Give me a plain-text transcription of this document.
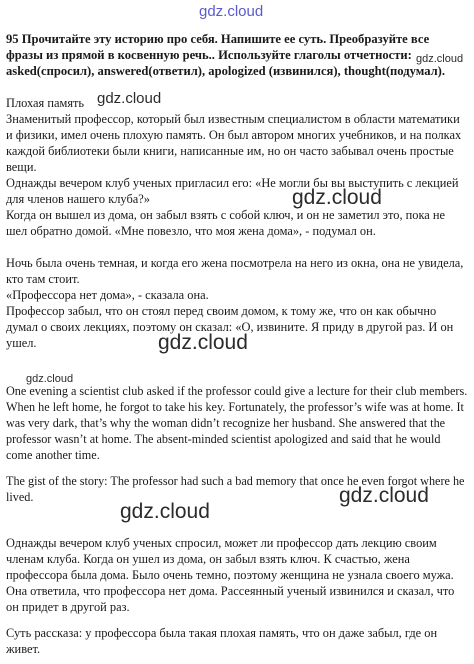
gdz.cloud
gdz.cloud
gdz.cloud
gdz.cloud
gdz.cloud
gdz.cloud
gdz.cloud
gdz.cloud

95 Прочитайте эту историю про себя. Напишите ее суть. Преобразуйте все фразы из прямой в косвенную речь.. Используйте глаголы отчетности: asked(спросил), answered(ответил), apologized (извинился), thought(подумал).

Плохая память

Знаменитый профессор, который был известным специалистом в области математики и физики, имел очень плохую память. Он был автором многих учебников, и на полках каждой библиотеки были книги, написанные им, но он часто забывал очень простые вещи.

Однажды вечером клуб ученых пригласил его: «Не могли бы вы выступить с лекцией для членов нашего клуба?»

Когда он вышел из дома, он забыл взять с собой ключ, и он не заметил это, пока не шел обратно домой. «Мне повезло, что моя жена дома», - подумал он.

Ночь была очень темная, и когда его жена посмотрела на него из окна, она не увидела, кто там стоит.

«Профессора нет дома», - сказала она.

Профессор забыл, что он стоял перед своим домом, к тому же, что он как обычно думал о своих лекциях, поэтому он сказал: «О, извините. Я приду в другой раз. И он ушел.

One evening a scientist club asked if the professor could give a lecture for their club members. When he left home, he forgot to take his key. Fortunately, the professor’s wife was at home. It was very dark, that’s why the woman didn’t recognize her husband. She answered that the professor wasn’t at home. The absent-minded scientist apologized and said that he would come another time.

The gist of the story: The professor had such a bad memory that once he even forgot where he lived.

Однажды вечером клуб ученых спросил, может ли профессор дать лекцию своим членам клуба. Когда он ушел из дома, он забыл взять ключ. К счастью, жена профессора была дома. Было очень темно, поэтому женщина не узнала своего мужа. Она ответила, что профессора нет дома. Рассеянный ученый извинился и сказал, что он придет в другой раз.

Суть рассказа: у профессора была такая плохая память, что он даже забыл, где он живет.
